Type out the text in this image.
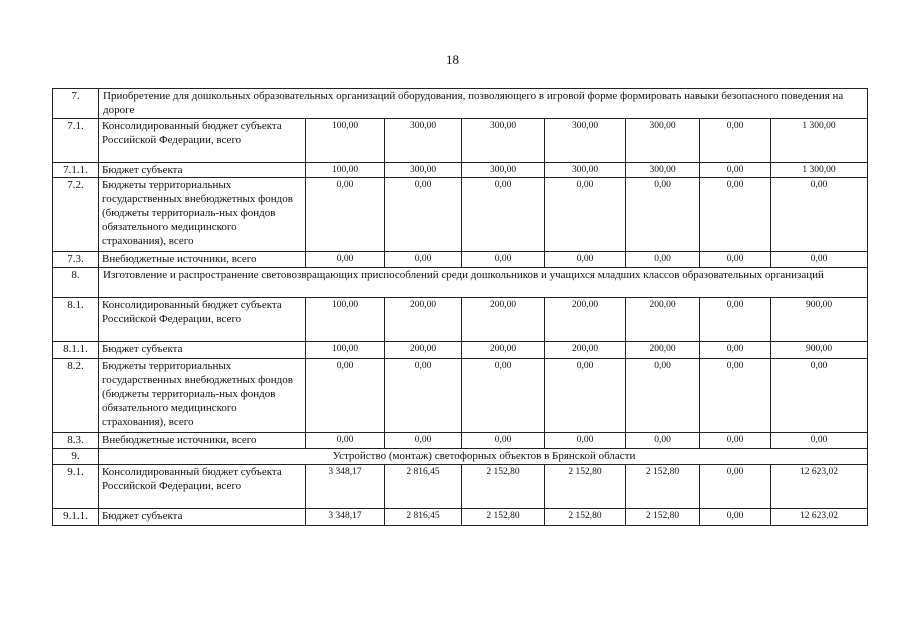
18
7.	Приобретение для дошкольных образовательных организаций оборудования, позволяющего в игровой форме формировать навыки безопасного поведения на дороге							
7.1.	Консолидированный бюджет субъекта Российской Федерации, всего	100,00	300,00	300,00	300,00	300,00	0,00	1 300,00
7.1.1.	Бюджет субъекта	100,00	300,00	300,00	300,00	300,00	0,00	1 300,00
7.2.	Бюджеты территориальных государственных внебюджетных фондов (бюджеты территориаль-ных фондов обязательного медицинского страхования), всего	0,00	0,00	0,00	0,00	0,00	0,00	0,00
7.3.	Внебюджетные источники, всего	0,00	0,00	0,00	0,00	0,00	0,00	0,00
8.	Изготовление и распространение световозвращающих приспособлений среди дошкольников и учащихся младших классов образовательных организаций							
8.1.	Консолидированный бюджет субъекта Российской Федерации, всего	100,00	200,00	200,00	200,00	200,00	0,00	900,00
8.1.1.	Бюджет субъекта	100,00	200,00	200,00	200,00	200,00	0,00	900,00
8.2.	Бюджеты территориальных государственных внебюджетных фондов (бюджеты территориаль-ных фондов обязательного медицинского страхования), всего	0,00	0,00	0,00	0,00	0,00	0,00	0,00
8.3.	Внебюджетные источники, всего	0,00	0,00	0,00	0,00	0,00	0,00	0,00
9.	Устройство (монтаж) светофорных объектов в Брянской области							
9.1.	Консолидированный бюджет субъекта Российской Федерации, всего	3 348,17	2 816,45	2 152,80	2 152,80	2 152,80	0,00	12 623,02
9.1.1.	Бюджет субъекта	3 348,17	2 816,45	2 152,80	2 152,80	2 152,80	0,00	12 623,02
